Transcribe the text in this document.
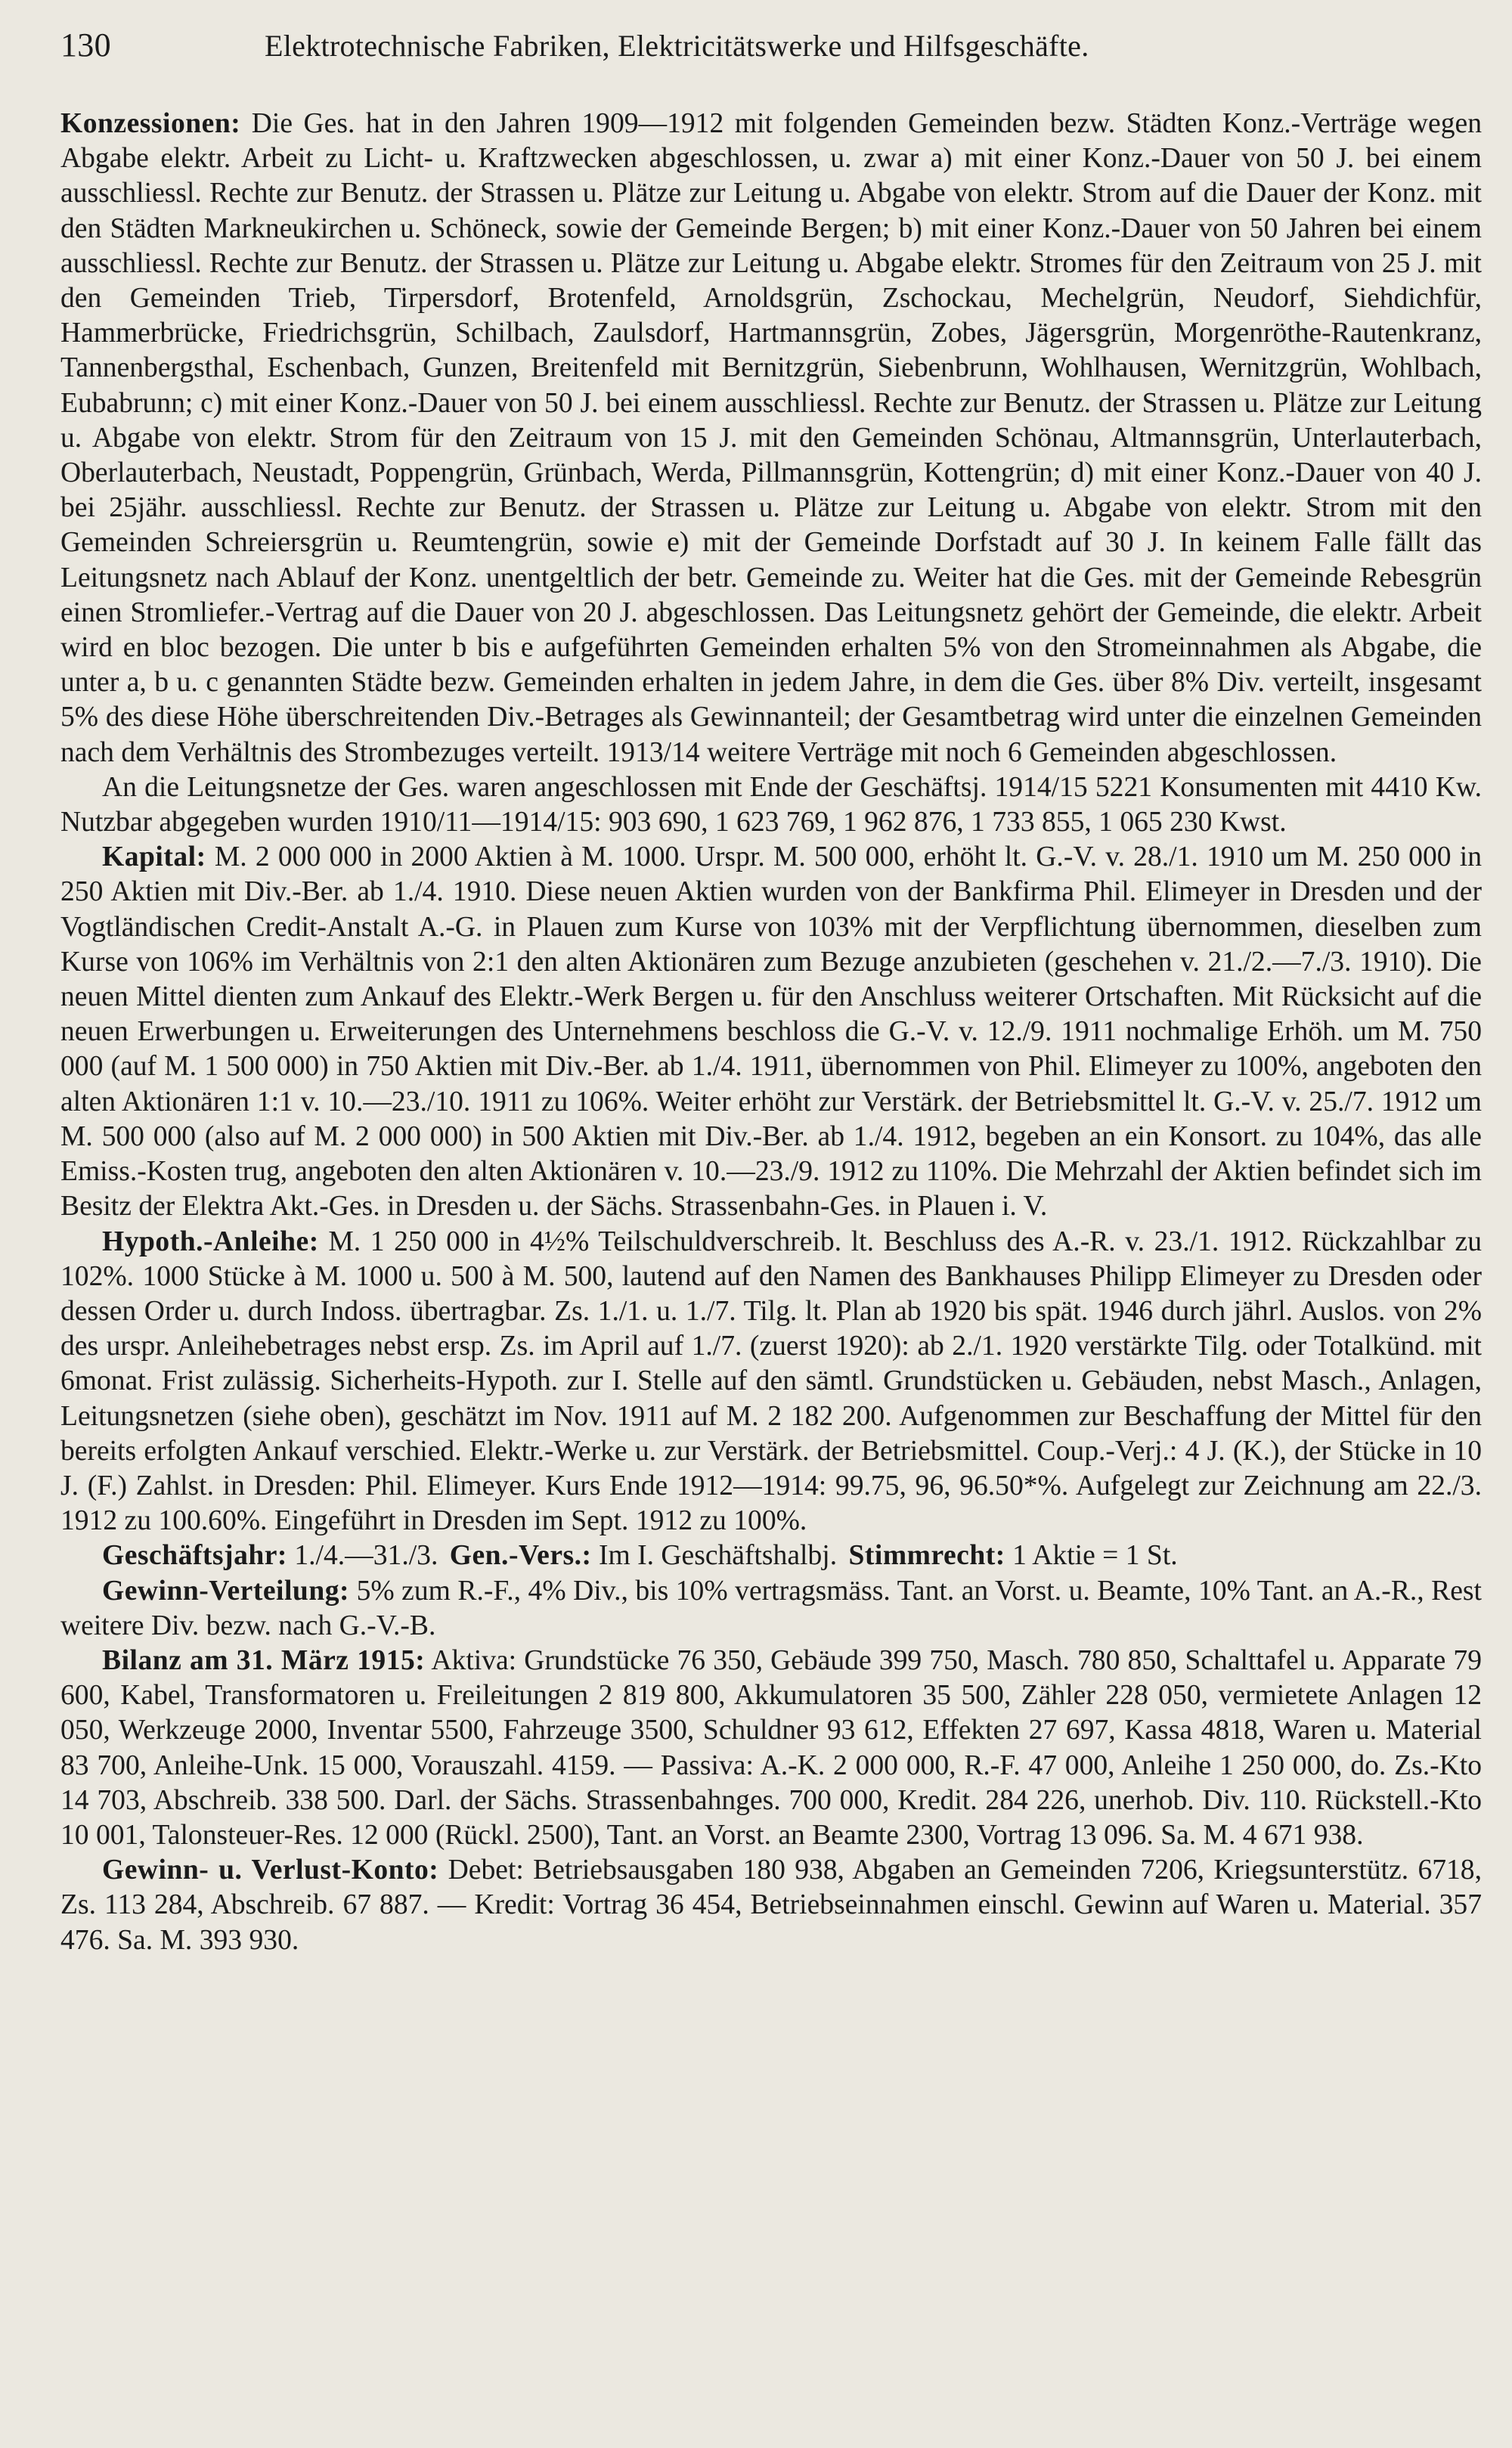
130	Elektrotechnische Fabriken, Elektricitätswerke und Hilfsgeschäfte.

Konzessionen: Die Ges. hat in den Jahren 1909—1912 mit folgenden Gemeinden bezw. Städten Konz.-Verträge wegen Abgabe elektr. Arbeit zu Licht- u. Kraftzwecken abgeschlossen, u. zwar a) mit einer Konz.-Dauer von 50 J. bei einem ausschliessl. Rechte zur Benutz. der Strassen u. Plätze zur Leitung u. Abgabe von elektr. Strom auf die Dauer der Konz. mit den Städten Markneukirchen u. Schöneck, sowie der Gemeinde Bergen; b) mit einer Konz.-Dauer von 50 Jahren bei einem ausschliessl. Rechte zur Benutz. der Strassen u. Plätze zur Leitung u. Abgabe elektr. Stromes für den Zeitraum von 25 J. mit den Gemeinden Trieb, Tirpersdorf, Brotenfeld, Arnoldsgrün, Zschockau, Mechelgrün, Neudorf, Siehdichfür, Hammerbrücke, Friedrichsgrün, Schilbach, Zaulsdorf, Hartmannsgrün, Zobes, Jägersgrün, Morgenröthe-Rautenkranz, Tannenbergsthal, Eschenbach, Gunzen, Breitenfeld mit Bernitzgrün, Siebenbrunn, Wohlhausen, Wernitzgrün, Wohlbach, Eubabrunn; c) mit einer Konz.-Dauer von 50 J. bei einem ausschliessl. Rechte zur Benutz. der Strassen u. Plätze zur Leitung u. Abgabe von elektr. Strom für den Zeitraum von 15 J. mit den Gemeinden Schönau, Altmannsgrün, Unterlauterbach, Oberlauterbach, Neustadt, Poppengrün, Grünbach, Werda, Pillmannsgrün, Kottengrün; d) mit einer Konz.-Dauer von 40 J. bei 25jähr. ausschliessl. Rechte zur Benutz. der Strassen u. Plätze zur Leitung u. Abgabe von elektr. Strom mit den Gemeinden Schreiersgrün u. Reumtengrün, sowie e) mit der Gemeinde Dorfstadt auf 30 J. In keinem Falle fällt das Leitungsnetz nach Ablauf der Konz. unentgeltlich der betr. Gemeinde zu. Weiter hat die Ges. mit der Gemeinde Rebesgrün einen Stromliefer.-Vertrag auf die Dauer von 20 J. abgeschlossen. Das Leitungsnetz gehört der Gemeinde, die elektr. Arbeit wird en bloc bezogen. Die unter b bis e aufgeführten Gemeinden erhalten 5% von den Stromeinnahmen als Abgabe, die unter a, b u. c genannten Städte bezw. Gemeinden erhalten in jedem Jahre, in dem die Ges. über 8% Div. verteilt, insgesamt 5% des diese Höhe überschreitenden Div.-Betrages als Gewinnanteil; der Gesamtbetrag wird unter die einzelnen Gemeinden nach dem Verhältnis des Strombezuges verteilt. 1913/14 weitere Verträge mit noch 6 Gemeinden abgeschlossen.

An die Leitungsnetze der Ges. waren angeschlossen mit Ende der Geschäftsj. 1914/15 5221 Konsumenten mit 4410 Kw. Nutzbar abgegeben wurden 1910/11—1914/15: 903 690, 1 623 769, 1 962 876, 1 733 855, 1 065 230 Kwst.

Kapital: M. 2 000 000 in 2000 Aktien à M. 1000. Urspr. M. 500 000, erhöht lt. G.-V. v. 28./1. 1910 um M. 250 000 in 250 Aktien mit Div.-Ber. ab 1./4. 1910. Diese neuen Aktien wurden von der Bankfirma Phil. Elimeyer in Dresden und der Vogtländischen Credit-Anstalt A.-G. in Plauen zum Kurse von 103% mit der Verpflichtung übernommen, dieselben zum Kurse von 106% im Verhältnis von 2:1 den alten Aktionären zum Bezuge anzubieten (geschehen v. 21./2.—7./3. 1910). Die neuen Mittel dienten zum Ankauf des Elektr.-Werk Bergen u. für den Anschluss weiterer Ortschaften. Mit Rücksicht auf die neuen Erwerbungen u. Erweiterungen des Unternehmens beschloss die G.-V. v. 12./9. 1911 nochmalige Erhöh. um M. 750 000 (auf M. 1 500 000) in 750 Aktien mit Div.-Ber. ab 1./4. 1911, übernommen von Phil. Elimeyer zu 100%, angeboten den alten Aktionären 1:1 v. 10.—23./10. 1911 zu 106%. Weiter erhöht zur Verstärk. der Betriebsmittel lt. G.-V. v. 25./7. 1912 um M. 500 000 (also auf M. 2 000 000) in 500 Aktien mit Div.-Ber. ab 1./4. 1912, begeben an ein Konsort. zu 104%, das alle Emiss.-Kosten trug, angeboten den alten Aktionären v. 10.—23./9. 1912 zu 110%. Die Mehrzahl der Aktien befindet sich im Besitz der Elektra Akt.-Ges. in Dresden u. der Sächs. Strassenbahn-Ges. in Plauen i. V.

Hypoth.-Anleihe: M. 1 250 000 in 4½% Teilschuldverschreib. lt. Beschluss des A.-R. v. 23./1. 1912. Rückzahlbar zu 102%. 1000 Stücke à M. 1000 u. 500 à M. 500, lautend auf den Namen des Bankhauses Philipp Elimeyer zu Dresden oder dessen Order u. durch Indoss. übertragbar. Zs. 1./1. u. 1./7. Tilg. lt. Plan ab 1920 bis spät. 1946 durch jährl. Auslos. von 2% des urspr. Anleihebetrages nebst ersp. Zs. im April auf 1./7. (zuerst 1920): ab 2./1. 1920 verstärkte Tilg. oder Totalkünd. mit 6monat. Frist zulässig. Sicherheits-Hypoth. zur I. Stelle auf den sämtl. Grundstücken u. Gebäuden, nebst Masch., Anlagen, Leitungsnetzen (siehe oben), geschätzt im Nov. 1911 auf M. 2 182 200. Aufgenommen zur Beschaffung der Mittel für den bereits erfolgten Ankauf verschied. Elektr.-Werke u. zur Verstärk. der Betriebsmittel. Coup.-Verj.: 4 J. (K.), der Stücke in 10 J. (F.) Zahlst. in Dresden: Phil. Elimeyer. Kurs Ende 1912—1914: 99.75, 96, 96.50*%. Aufgelegt zur Zeichnung am 22./3. 1912 zu 100.60%. Eingeführt in Dresden im Sept. 1912 zu 100%.

Geschäftsjahr: 1./4.—31./3. Gen.-Vers.: Im I. Geschäftshalbj. Stimmrecht: 1 Aktie = 1 St.

Gewinn-Verteilung: 5% zum R.-F., 4% Div., bis 10% vertragsmäss. Tant. an Vorst. u. Beamte, 10% Tant. an A.-R., Rest weitere Div. bezw. nach G.-V.-B.

Bilanz am 31. März 1915: Aktiva: Grundstücke 76 350, Gebäude 399 750, Masch. 780 850, Schalttafel u. Apparate 79 600, Kabel, Transformatoren u. Freileitungen 2 819 800, Akkumulatoren 35 500, Zähler 228 050, vermietete Anlagen 12 050, Werkzeuge 2000, Inventar 5500, Fahrzeuge 3500, Schuldner 93 612, Effekten 27 697, Kassa 4818, Waren u. Material 83 700, Anleihe-Unk. 15 000, Vorauszahl. 4159. — Passiva: A.-K. 2 000 000, R.-F. 47 000, Anleihe 1 250 000, do. Zs.-Kto 14 703, Abschreib. 338 500. Darl. der Sächs. Strassenbahnges. 700 000, Kredit. 284 226, unerhob. Div. 110. Rückstell.-Kto 10 001, Talonsteuer-Res. 12 000 (Rückl. 2500), Tant. an Vorst. an Beamte 2300, Vortrag 13 096. Sa. M. 4 671 938.

Gewinn- u. Verlust-Konto: Debet: Betriebsausgaben 180 938, Abgaben an Gemeinden 7206, Kriegsunterstütz. 6718, Zs. 113 284, Abschreib. 67 887. — Kredit: Vortrag 36 454, Betriebseinnahmen einschl. Gewinn auf Waren u. Material. 357 476. Sa. M. 393 930.
